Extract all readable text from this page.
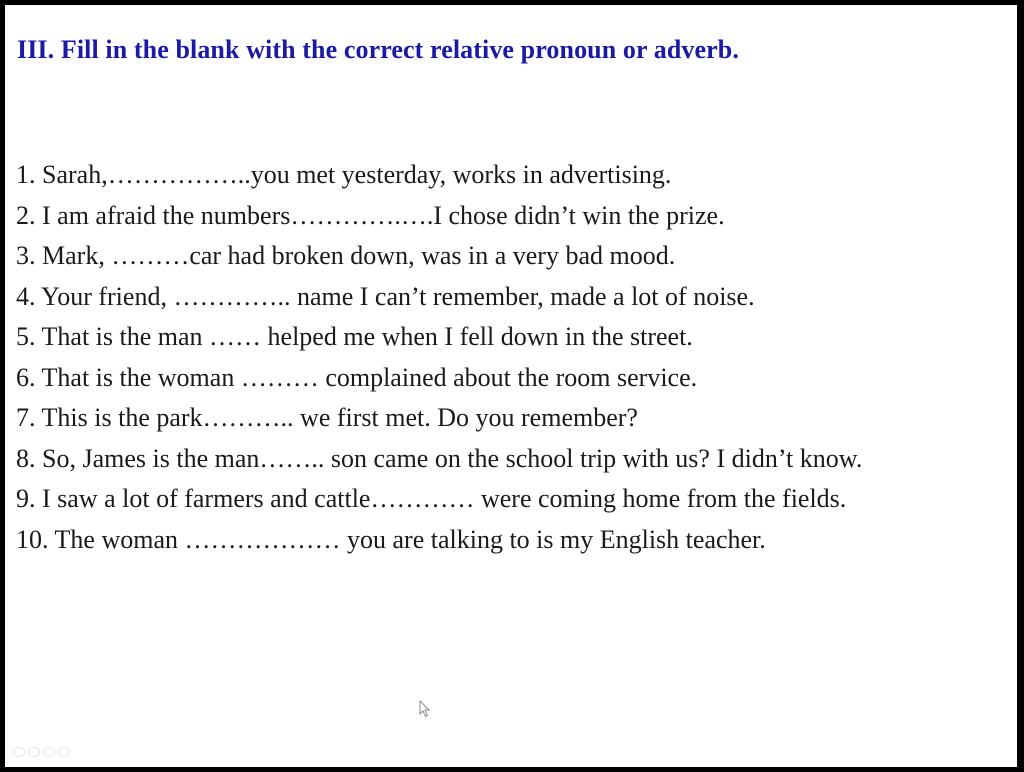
III. Fill in the blank with the correct relative pronoun or adverb.
1. Sarah,……………..you met yesterday, works in advertising.
2. I am afraid the numbers………….….I chose didn’t win the prize.
3. Mark, ………car had broken down, was in a very bad mood.
4. Your friend, ………….. name I can’t remember, made a lot of noise.
5. That is the man …… helped me when I fell down in the street.
6. That is the woman ……… complained about the room service.
7. This is the park……….. we first met. Do you remember?
8. So, James is the man…….. son came on the school trip with us? I didn’t know.
9. I saw a lot of farmers and cattle………… were coming home from the fields.
10. The woman ……………… you are talking to is my English teacher.
